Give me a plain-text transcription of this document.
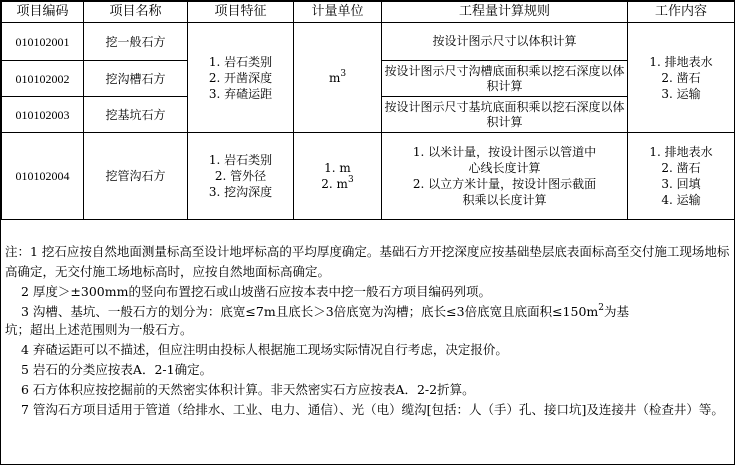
项目编码	项目名称	项目特征	计量单位	工程量计算规则	工作内容
010102001	挖一般石方	1. 岩石类别
2. 开凿深度
3. 弃碴运距	$m^3$	按设计图示尺寸以体积计算	1. 排地表水
2. 凿石
3. 运输

010102002	挖沟槽石方			按设计图示尺寸沟槽底面积乘以挖石深度以体积计算	
010102003	挖基坑石方			按设计图示尺寸基坑底面积乘以挖石深度以体积计算	
010102004	挖管沟石方	1. 岩石类别
2. 管外径
3. 挖沟深度	1. m
2. $m^3$	1. 以米计量，按设计图示以管道中心线长度计算
2. 以立方米计量，按设计图示截面积乘以长度计算	1. 排地表水
2. 凿石
3. 回填
4. 运输
注：1 挖石应按自然地面测量标高至设计地坪标高的平均厚度确定。基础石方开挖深度应按基础垫层底表面标高至交付施工现场地标高确定，无交付施工场地标高时，应按自然地面标高确定。
2 厚度＞±300mm的竖向布置挖石或山坡凿石应按本表中挖一般石方项目编码列项。
3 沟槽、基坑、一般石方的划分为：底宽≤7m且底长＞3倍底宽为沟槽；底长≤3倍底宽且底面积$\le 150m^2$为基
坑；超出上述范围则为一般石方。
4 弃碴运距可以不描述，但应注明由投标人根据施工现场实际情况自行考虑，决定报价。
5 岩石的分类应按表A．2-1确定。
6 石方体积应按挖掘前的天然密实体积计算。非天然密实石方应按表A．2-2折算。
7 管沟石方项目适用于管道（给排水、工业、电力、通信）、光（电）缆沟[包括：人（手）孔、接口坑]及连接井（检查井）等。
